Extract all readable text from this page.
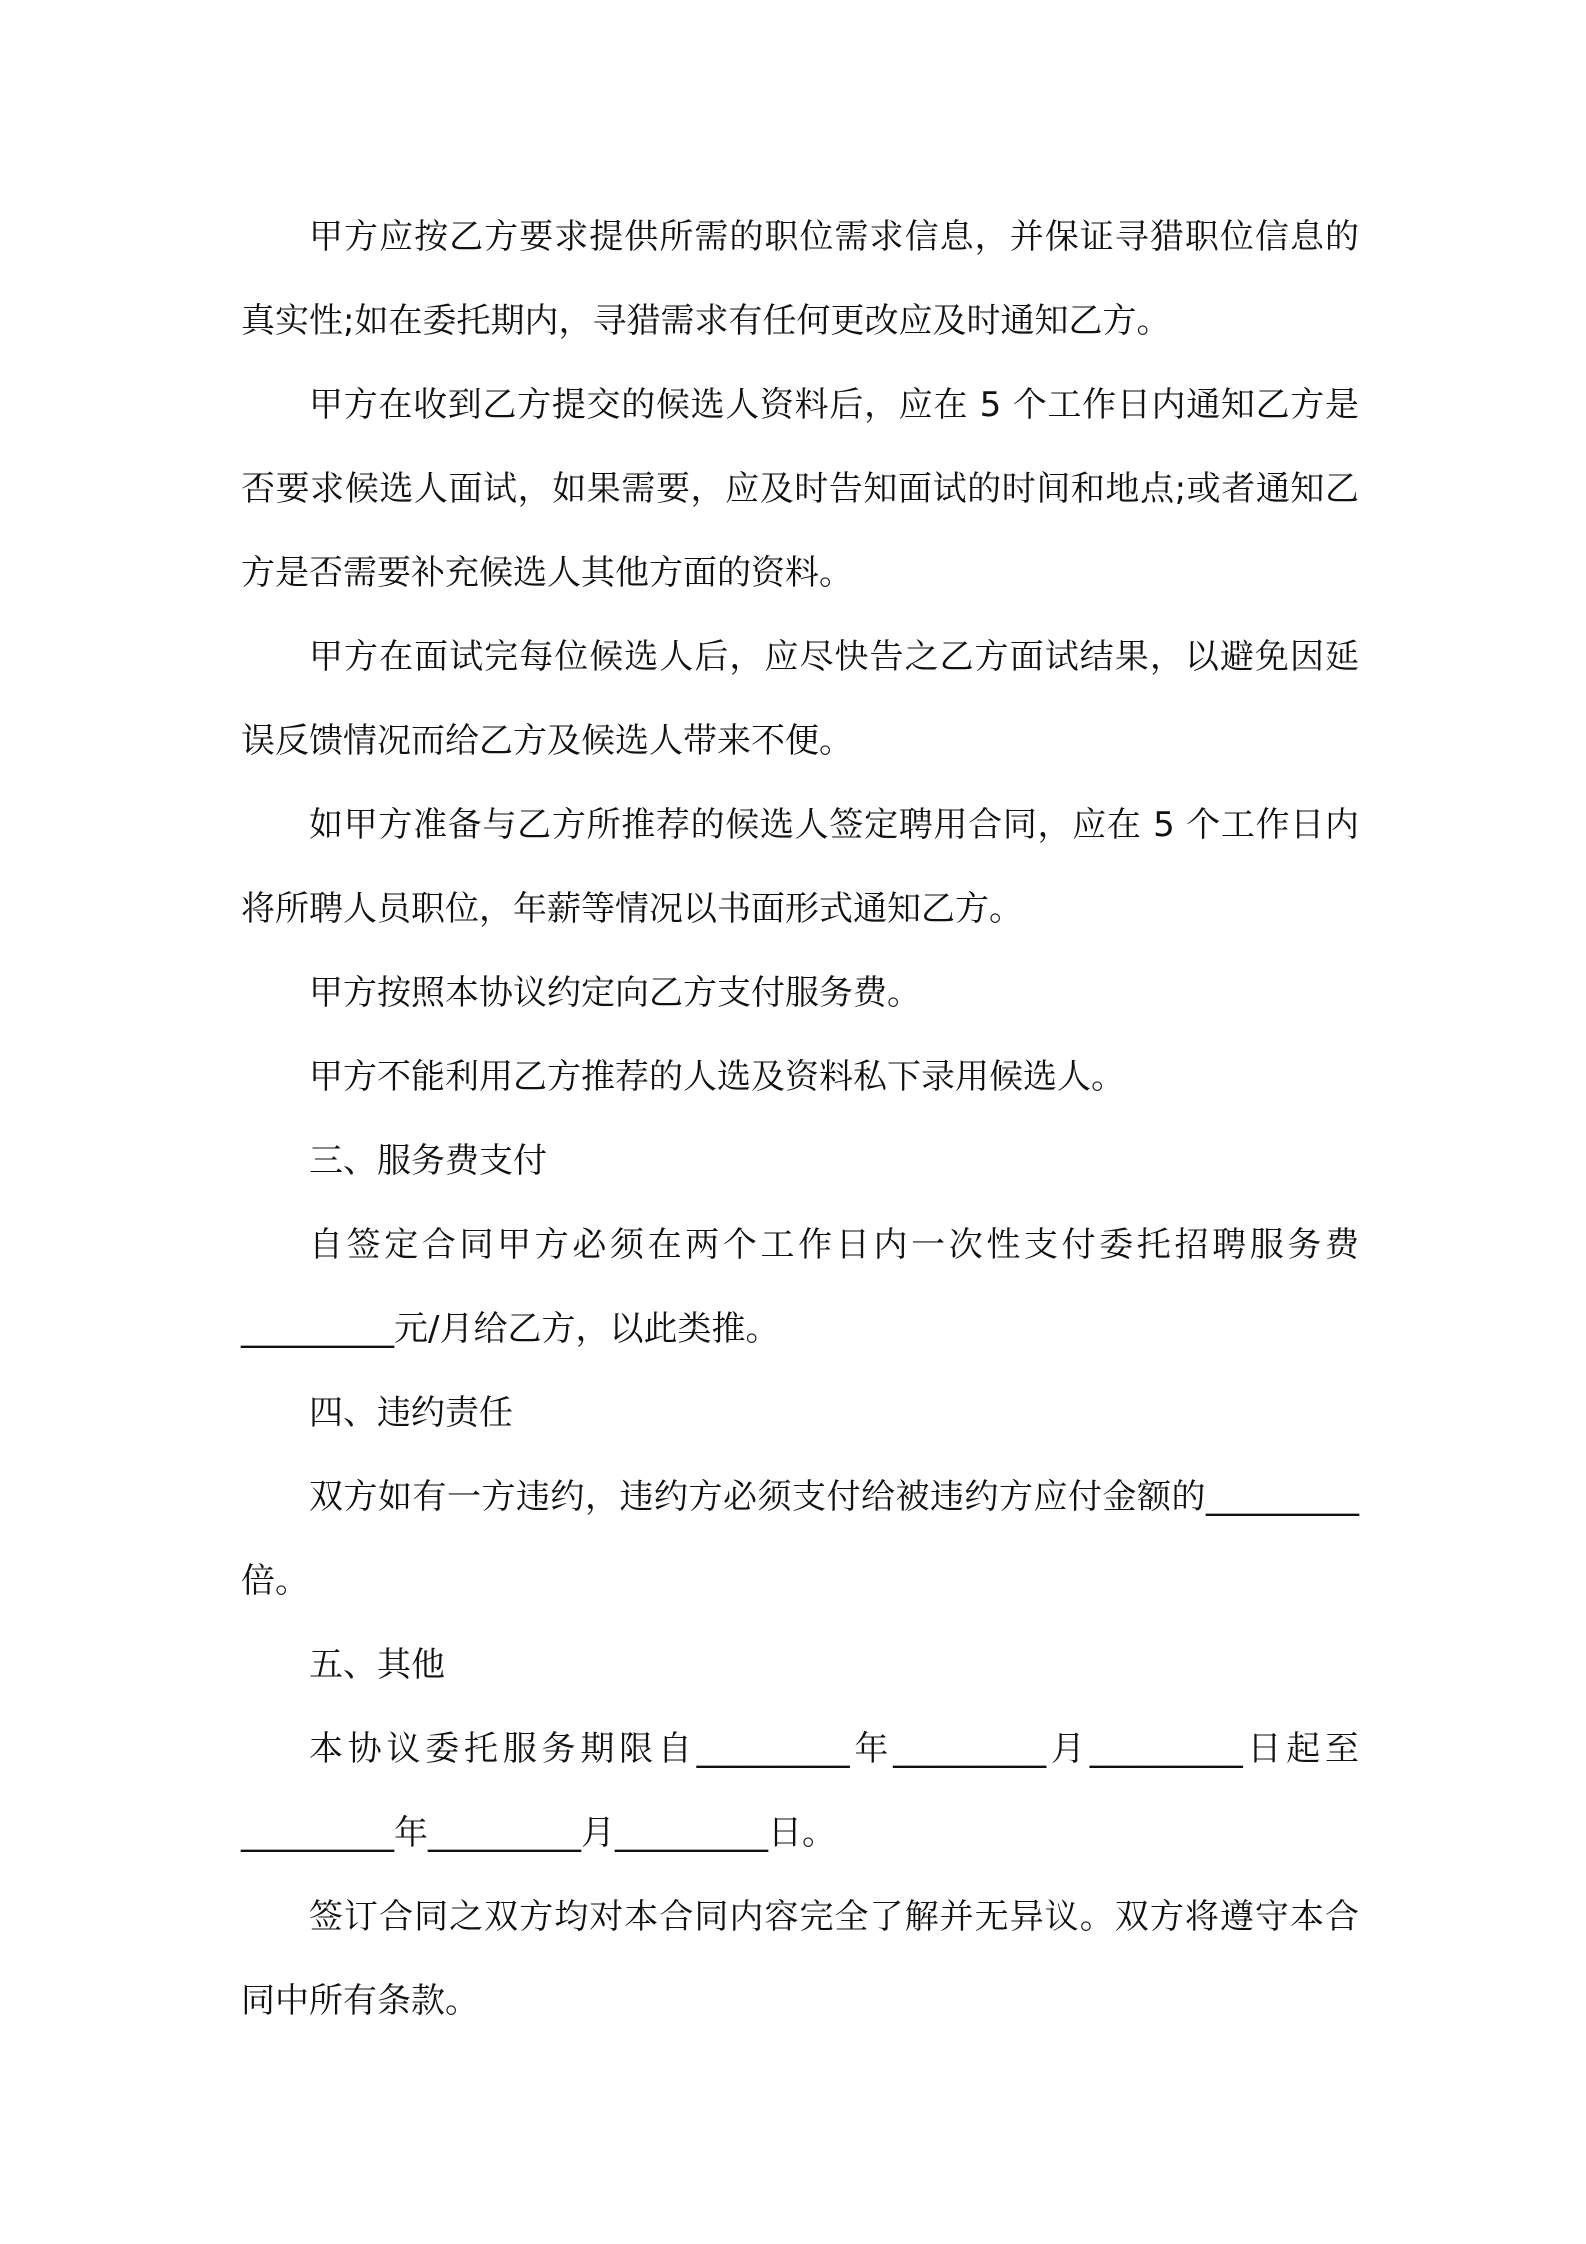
甲方应按乙方要求提供所需的职位需求信息，并保证寻猎职位信息的真实性;如在委托期内，寻猎需求有任何更改应及时通知乙方。

甲方在收到乙方提交的候选人资料后，应在 5 个工作日内通知乙方是否要求候选人面试，如果需要，应及时告知面试的时间和地点;或者通知乙方是否需要补充候选人其他方面的资料。

甲方在面试完每位候选人后，应尽快告之乙方面试结果，以避免因延误反馈情况而给乙方及候选人带来不便。

如甲方准备与乙方所推荐的候选人签定聘用合同，应在 5 个工作日内将所聘人员职位，年薪等情况以书面形式通知乙方。

甲方按照本协议约定向乙方支付服务费。

甲方不能利用乙方推荐的人选及资料私下录用候选人。

三、服务费支付

自签定合同甲方必须在两个工作日内一次性支付委托招聘服务费_________元/月给乙方，以此类推。

四、违约责任

双方如有一方违约，违约方必须支付给被违约方应付金额的_________倍。

五、其他

本协议委托服务期限自_________年_________月_________日起至_________年_________月_________日。

签订合同之双方均对本合同内容完全了解并无异议。双方将遵守本合同中所有条款。
